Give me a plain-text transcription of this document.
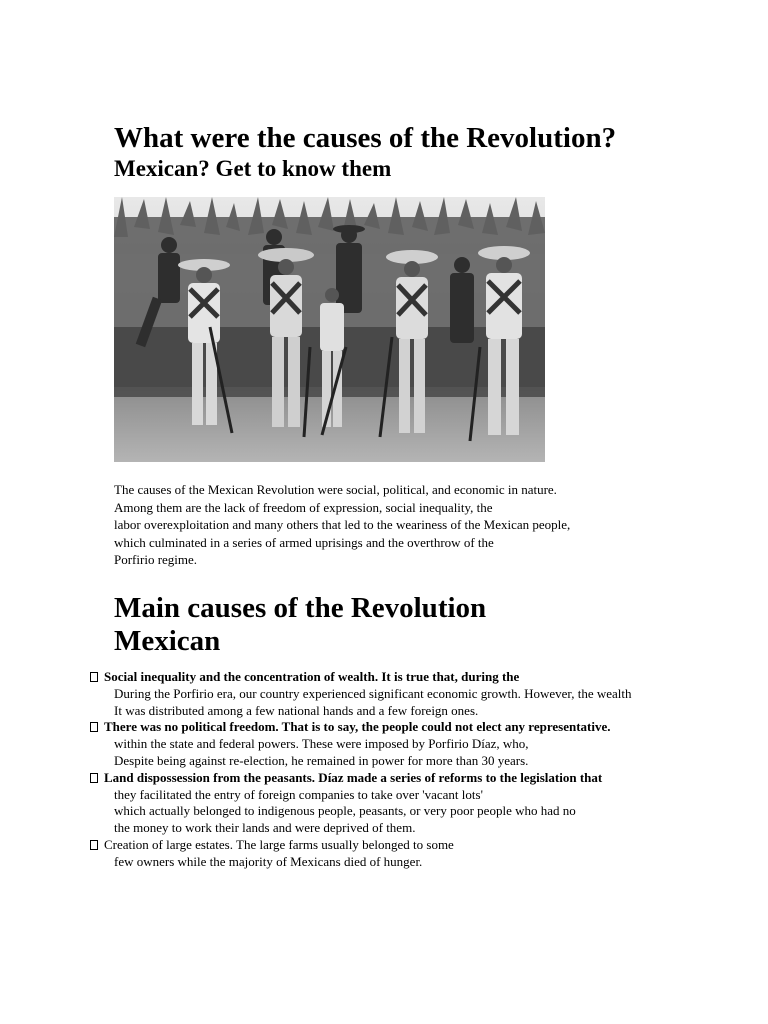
What were the causes of the Revolution?
Mexican? Get to know them
The causes of the Mexican Revolution were social, political, and economic in nature.
Among them are the lack of freedom of expression, social inequality, the
labor overexploitation and many others that led to the weariness of the Mexican people,
which culminated in a series of armed uprisings and the overthrow of the
Porfirio regime.
Main causes of the Revolution
Mexican
Social inequality and the concentration of wealth. It is true that, during the
During the Porfirio era, our country experienced significant economic growth. However, the wealth
It was distributed among a few national hands and a few foreign ones.
There was no political freedom. That is to say, the people could not elect any representative.
within the state and federal powers. These were imposed by Porfirio Díaz, who,
Despite being against re-election, he remained in power for more than 30 years.
Land dispossession from the peasants. Díaz made a series of reforms to the legislation that
they facilitated the entry of foreign companies to take over 'vacant lots'
which actually belonged to indigenous people, peasants, or very poor people who had no
the money to work their lands and were deprived of them.
Creation of large estates. The large farms usually belonged to some
few owners while the majority of Mexicans died of hunger.
